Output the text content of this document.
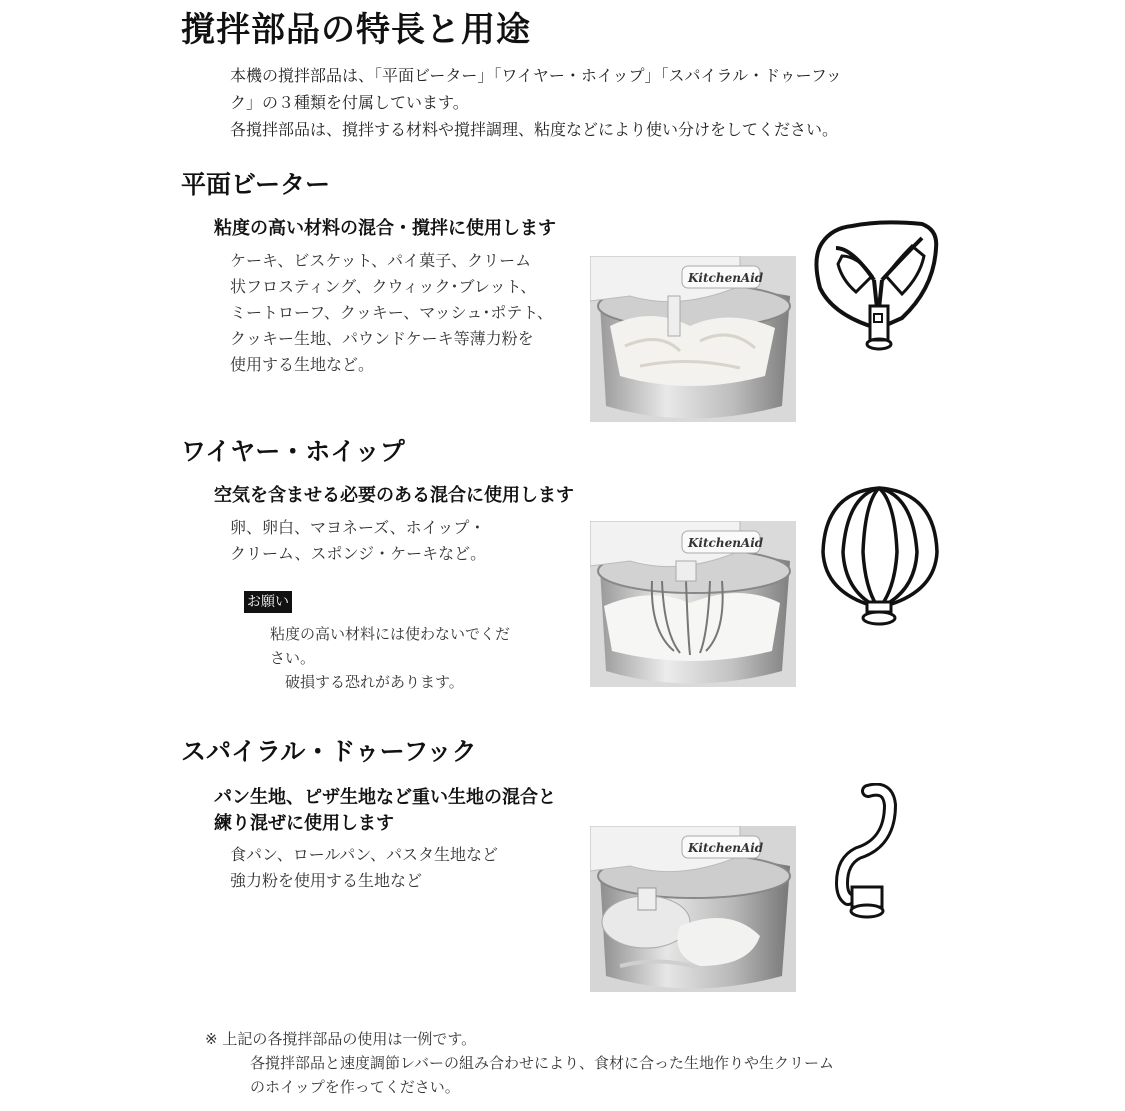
撹拌部品の特長と用途
本機の撹拌部品は、「平面ビーター」「ワイヤー・ホイップ」「スパイラル・ドゥーフッ
ク」の３種類を付属しています。
各撹拌部品は、撹拌する材料や撹拌調理、粘度などにより使い分けをしてください。
平面ビーター
粘度の高い材料の混合・撹拌に使用します
ケーキ、ビスケット、パイ菓子、クリーム
状フロスティング、クウィック･ブレット、
ミートローフ、クッキー、マッシュ･ポテト、
クッキー生地、パウンドケーキ等薄力粉を
使用する生地など。
KitchenAid
ワイヤー・ホイップ
空気を含ませる必要のある混合に使用します
卵、卵白、マヨネーズ、ホイップ・
クリーム、スポンジ・ケーキなど。
お願い
粘度の高い材料には使わないでくだ
さい。
　破損する恐れがあります。
KitchenAid
スパイラル・ドゥーフック
パン生地、ピザ生地など重い生地の混合と
練り混ぜに使用します
食パン、ロールパン、パスタ生地など
強力粉を使用する生地など
KitchenAid
※ 上記の各撹拌部品の使用は一例です。
各撹拌部品と速度調節レバーの組み合わせにより、食材に合った生地作りや生クリーム
のホイップを作ってください。
